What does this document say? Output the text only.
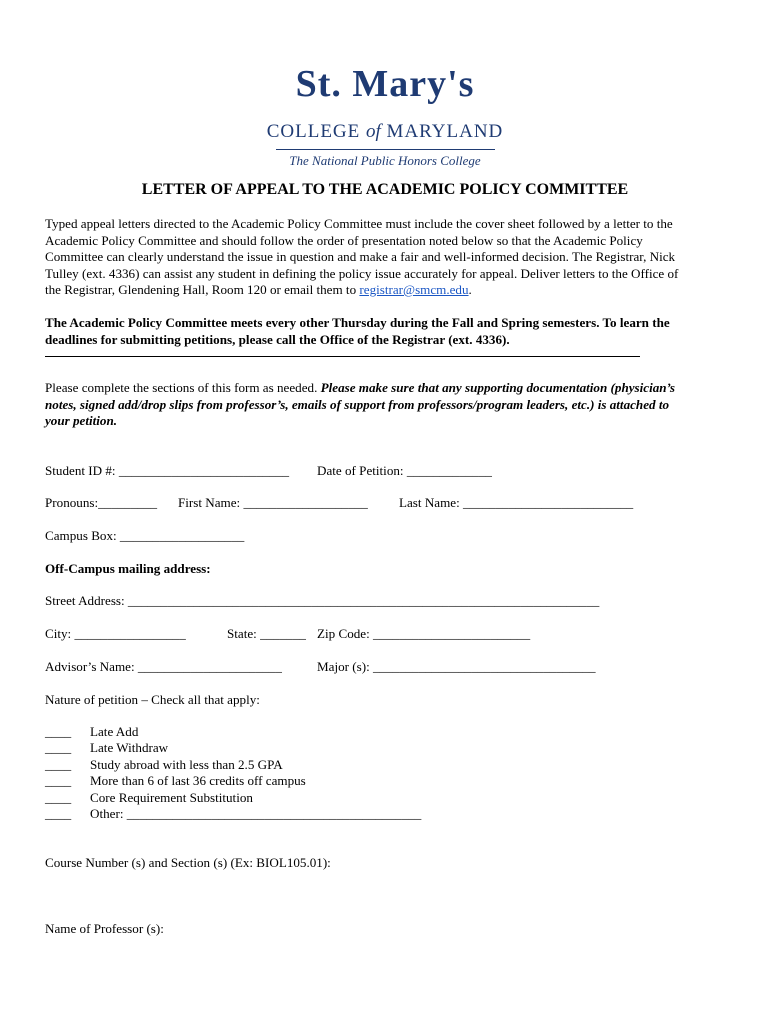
St. Mary's
COLLEGE of MARYLAND
The National Public Honors College
LETTER OF APPEAL TO THE ACADEMIC POLICY COMMITTEE
Typed appeal letters directed to the Academic Policy Committee must include the cover sheet followed by a letter to the
Academic Policy Committee and should follow the order of presentation noted below so that the Academic Policy
Committee can clearly understand the issue in question and make a fair and well-informed decision. The Registrar, Nick
Tulley (ext. 4336) can assist any student in defining the policy issue accurately for appeal. Deliver letters to the Office of
the Registrar, Glendening Hall, Room 120 or email them to registrar@smcm.edu.
The Academic Policy Committee meets every other Thursday during the Fall and Spring semesters. To learn the
deadlines for submitting petitions, please call the Office of the Registrar (ext. 4336).
Please complete the sections of this form as needed. Please make sure that any supporting documentation (physician’s
notes, signed add/drop slips from professor’s, emails of support from professors/program leaders, etc.) is attached to
your petition.
Student ID #: __________________________ Date of Petition: _____________
Pronouns:_________ First Name: ___________________ Last Name: __________________________
Campus Box: ___________________
Off-Campus mailing address:
Street Address: ________________________________________________________________________
City: _________________	State: _______ Zip Code: ________________________
Advisor’s Name: ______________________	Major (s): __________________________________
Nature of petition – Check all that apply:
____ Late Add
____ Late Withdraw
____ Study abroad with less than 2.5 GPA
____ More than 6 of last 36 credits off campus
____ Core Requirement Substitution
____ Other: _____________________________________________
Course Number (s) and Section (s) (Ex: BIOL105.01):
Name of Professor (s):
